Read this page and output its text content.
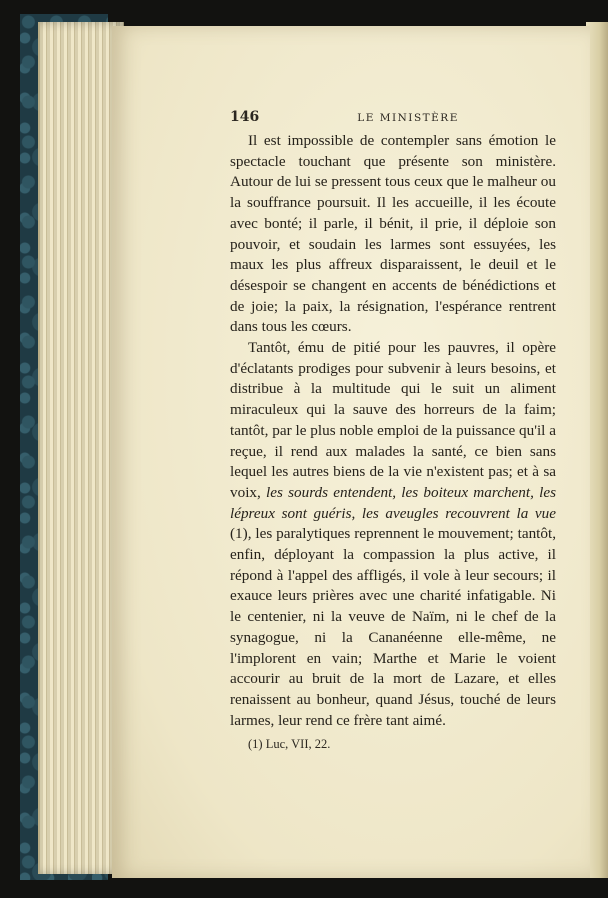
146	LE MINISTÈRE

Il est impossible de contempler sans émotion le spectacle touchant que présente son ministère. Autour de lui se pressent tous ceux que le malheur ou la souffrance poursuit. Il les accueille, il les écoute avec bonté; il parle, il bénit, il prie, il déploie son pouvoir, et soudain les larmes sont essuyées, les maux les plus affreux disparaissent, le deuil et le désespoir se changent en accents de bénédictions et de joie; la paix, la résignation, l'espérance rentrent dans tous les cœurs.

Tantôt, ému de pitié pour les pauvres, il opère d'éclatants prodiges pour subvenir à leurs besoins, et distribue à la multitude qui le suit un aliment miraculeux qui la sauve des horreurs de la faim; tantôt, par le plus noble emploi de la puissance qu'il a reçue, il rend aux malades la santé, ce bien sans lequel les autres biens de la vie n'existent pas; et à sa voix, les sourds entendent, les boiteux marchent, les lépreux sont guéris, les aveugles recouvrent la vue (1), les paralytiques reprennent le mouvement; tantôt, enfin, déployant la compassion la plus active, il répond à l'appel des affligés, il vole à leur secours; il exauce leurs prières avec une charité infatigable. Ni le centenier, ni la veuve de Naïm, ni le chef de la synagogue, ni la Cananéenne elle-même, ne l'implorent en vain; Marthe et Marie le voient accourir au bruit de la mort de Lazare, et elles renaissent au bonheur, quand Jésus, touché de leurs larmes, leur rend ce frère tant aimé.

(1) Luc, VII, 22.
